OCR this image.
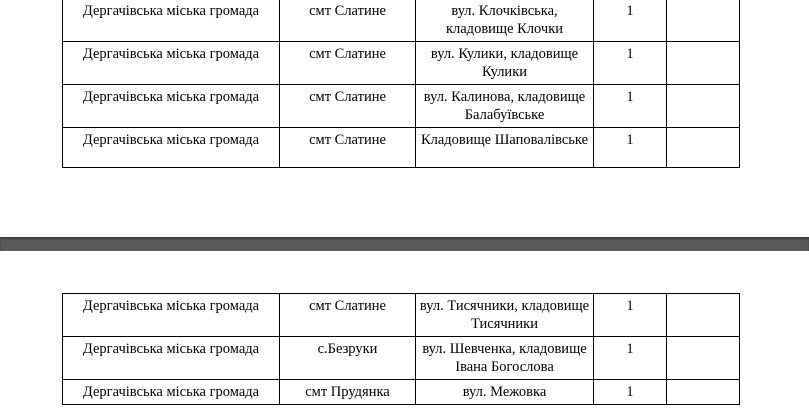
Дергачівська міська громада	смт Слатине	вул. Клочківська, кладовище Клочки	1	
Дергачівська міська громада	смт Слатине	вул. Кулики, кладовище Кулики	1	
Дергачівська міська громада	смт Слатине	вул. Калинова, кладовище Балабуївське	1	
Дергачівська міська громада	смт Слатине	Кладовище Шаповалівське	1	
Дергачівська міська громада	смт Слатине	вул. Тисячники, кладовище Тисячники	1	
Дергачівська міська громада	с.Безруки	вул. Шевченка, кладовище Івана Богослова	1	
Дергачівська міська громада	смт Прудянка	вул. Межовка	1	
